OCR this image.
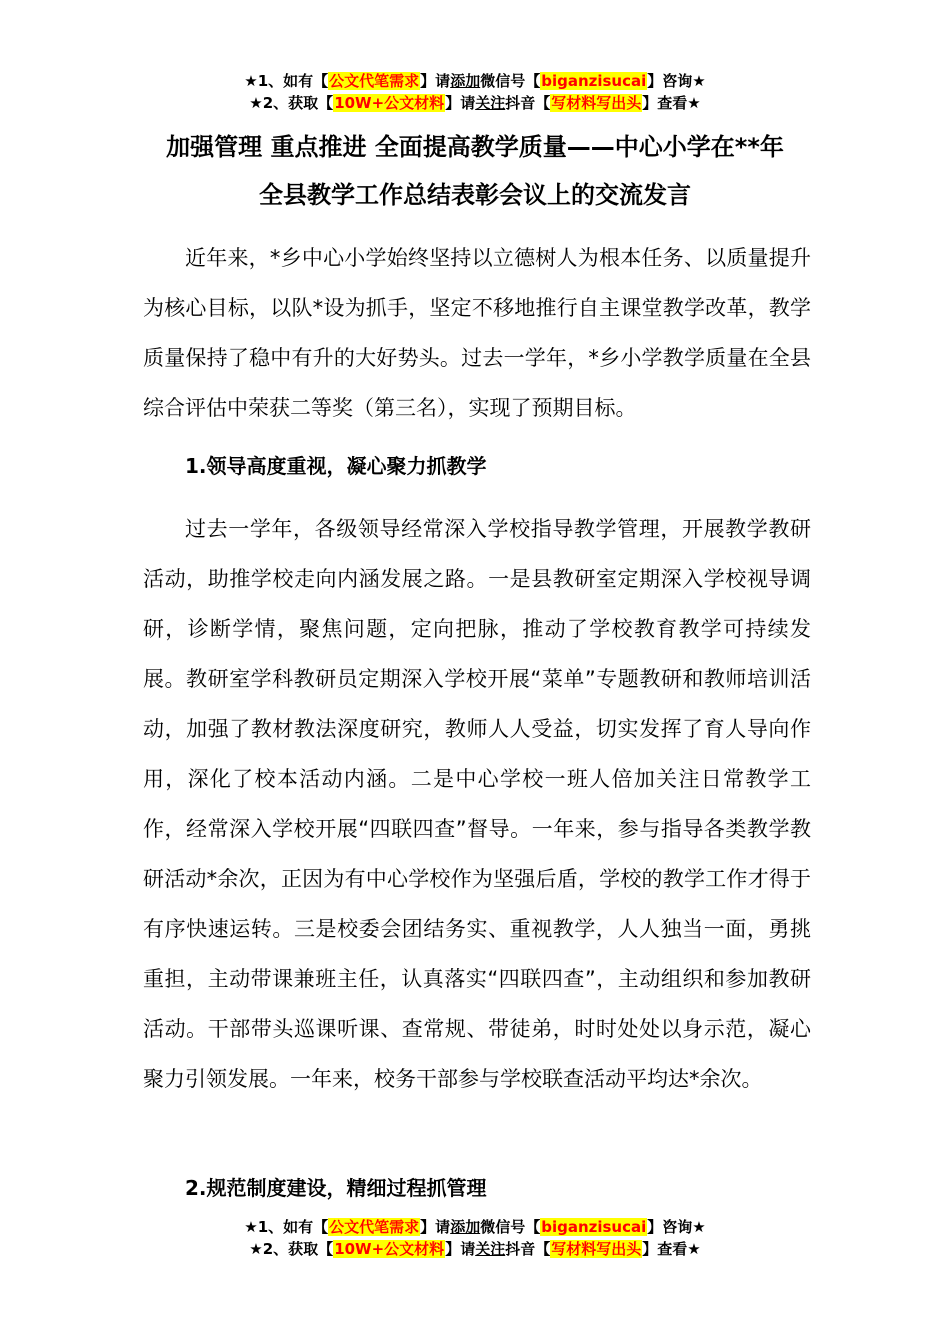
★1、如有【公文代笔需求】请添加微信号【biganzisucai】咨询★
★2、获取【10W+公文材料】请关注抖音【写材料写出头】查看★
加强管理 重点推进 全面提高教学质量——中心小学在**年
全县教学工作总结表彰会议上的交流发言

近年来，*乡中心小学始终坚持以立德树人为根本任务、以质量提升为核心目标，以队*设为抓手，坚定不移地推行自主课堂教学改革，教学质量保持了稳中有升的大好势头。过去一学年，*乡小学教学质量在全县综合评估中荣获二等奖（第三名），实现了预期目标。

1.领导高度重视，凝心聚力抓教学

过去一学年，各级领导经常深入学校指导教学管理，开展教学教研活动，助推学校走向内涵发展之路。一是县教研室定期深入学校视导调研，诊断学情，聚焦问题，定向把脉，推动了学校教育教学可持续发展。教研室学科教研员定期深入学校开展“菜单”专题教研和教师培训活动，加强了教材教法深度研究，教师人人受益，切实发挥了育人导向作用，深化了校本活动内涵。二是中心学校一班人倍加关注日常教学工作，经常深入学校开展“四联四查”督导。一年来，参与指导各类教学教研活动*余次，正因为有中心学校作为坚强后盾，学校的教学工作才得于有序快速运转。三是校委会团结务实、重视教学，人人独当一面，勇挑重担，主动带课兼班主任，认真落实“四联四查”，主动组织和参加教研活动。干部带头巡课听课、查常规、带徒弟，时时处处以身示范，凝心聚力引领发展。一年来，校务干部参与学校联查活动平均达*余次。

2.规范制度建设，精细过程抓管理

★1、如有【公文代笔需求】请添加微信号【biganzisucai】咨询★
★2、获取【10W+公文材料】请关注抖音【写材料写出头】查看★
